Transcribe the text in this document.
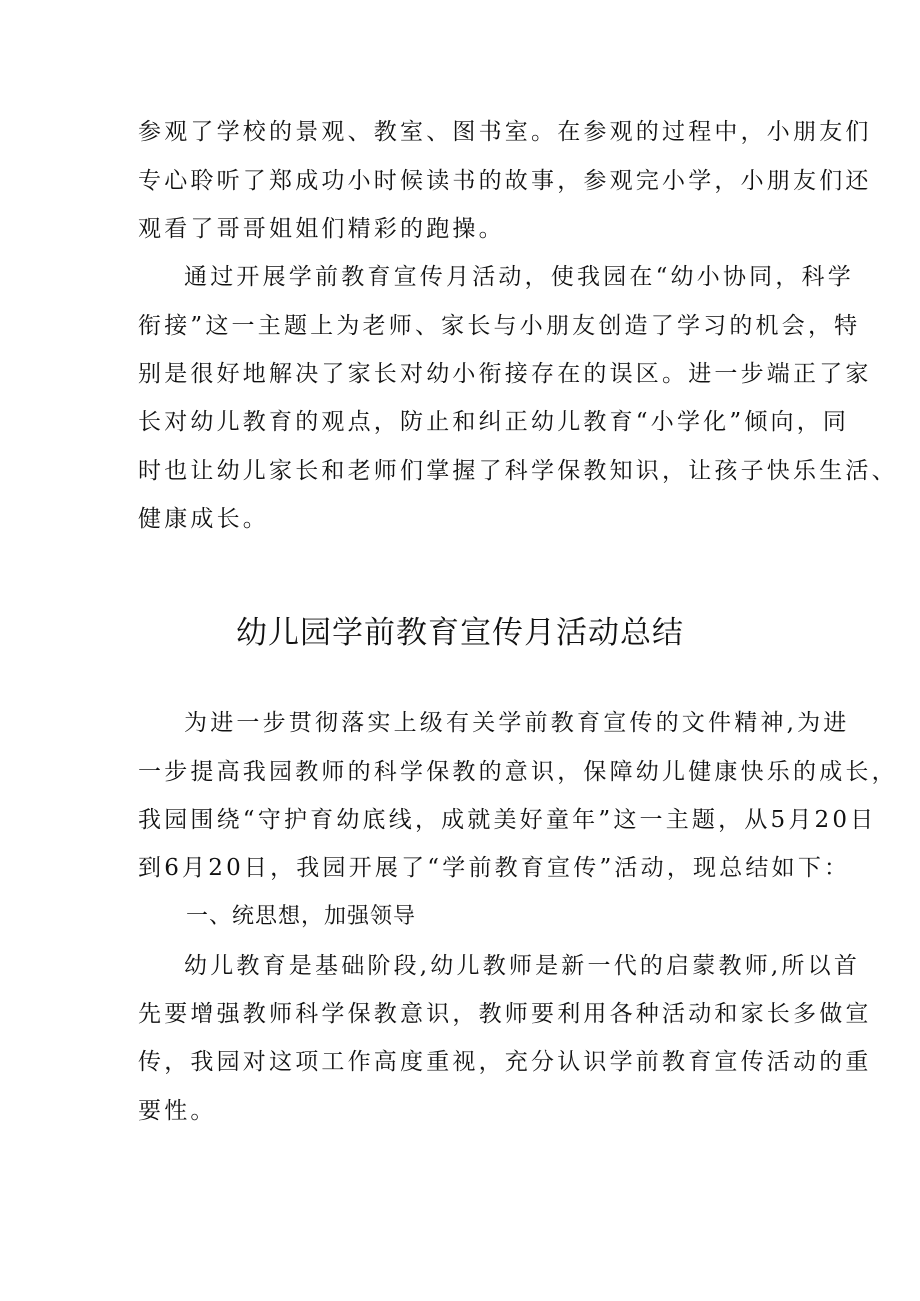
参观了学校的景观、教室、图书室。在参观的过程中，小朋友们

专心聆听了郑成功小时候读书的故事，参观完小学，小朋友们还

观看了哥哥姐姐们精彩的跑操。

通过开展学前教育宣传月活动，使我园在“幼小协同，科学

衔接”这一主题上为老师、家长与小朋友创造了学习的机会，特

别是很好地解决了家长对幼小衔接存在的误区。进一步端正了家

长对幼儿教育的观点，防止和纠正幼儿教育“小学化”倾向，同

时也让幼儿家长和老师们掌握了科学保教知识，让孩子快乐生活、

健康成长。

幼儿园学前教育宣传月活动总结

为进一步贯彻落实上级有关学前教育宣传的文件精神,为进

一步提高我园教师的科学保教的意识，保障幼儿健康快乐的成长，

我园围绕“守护育幼底线，成就美好童年”这一主题，从5月20日

到6月20日，我园开展了“学前教育宣传”活动，现总结如下：

一、统思想，加强领导

幼儿教育是基础阶段,幼儿教师是新一代的启蒙教师,所以首

先要增强教师科学保教意识，教师要利用各种活动和家长多做宣

传，我园对这项工作高度重视，充分认识学前教育宣传活动的重

要性。
